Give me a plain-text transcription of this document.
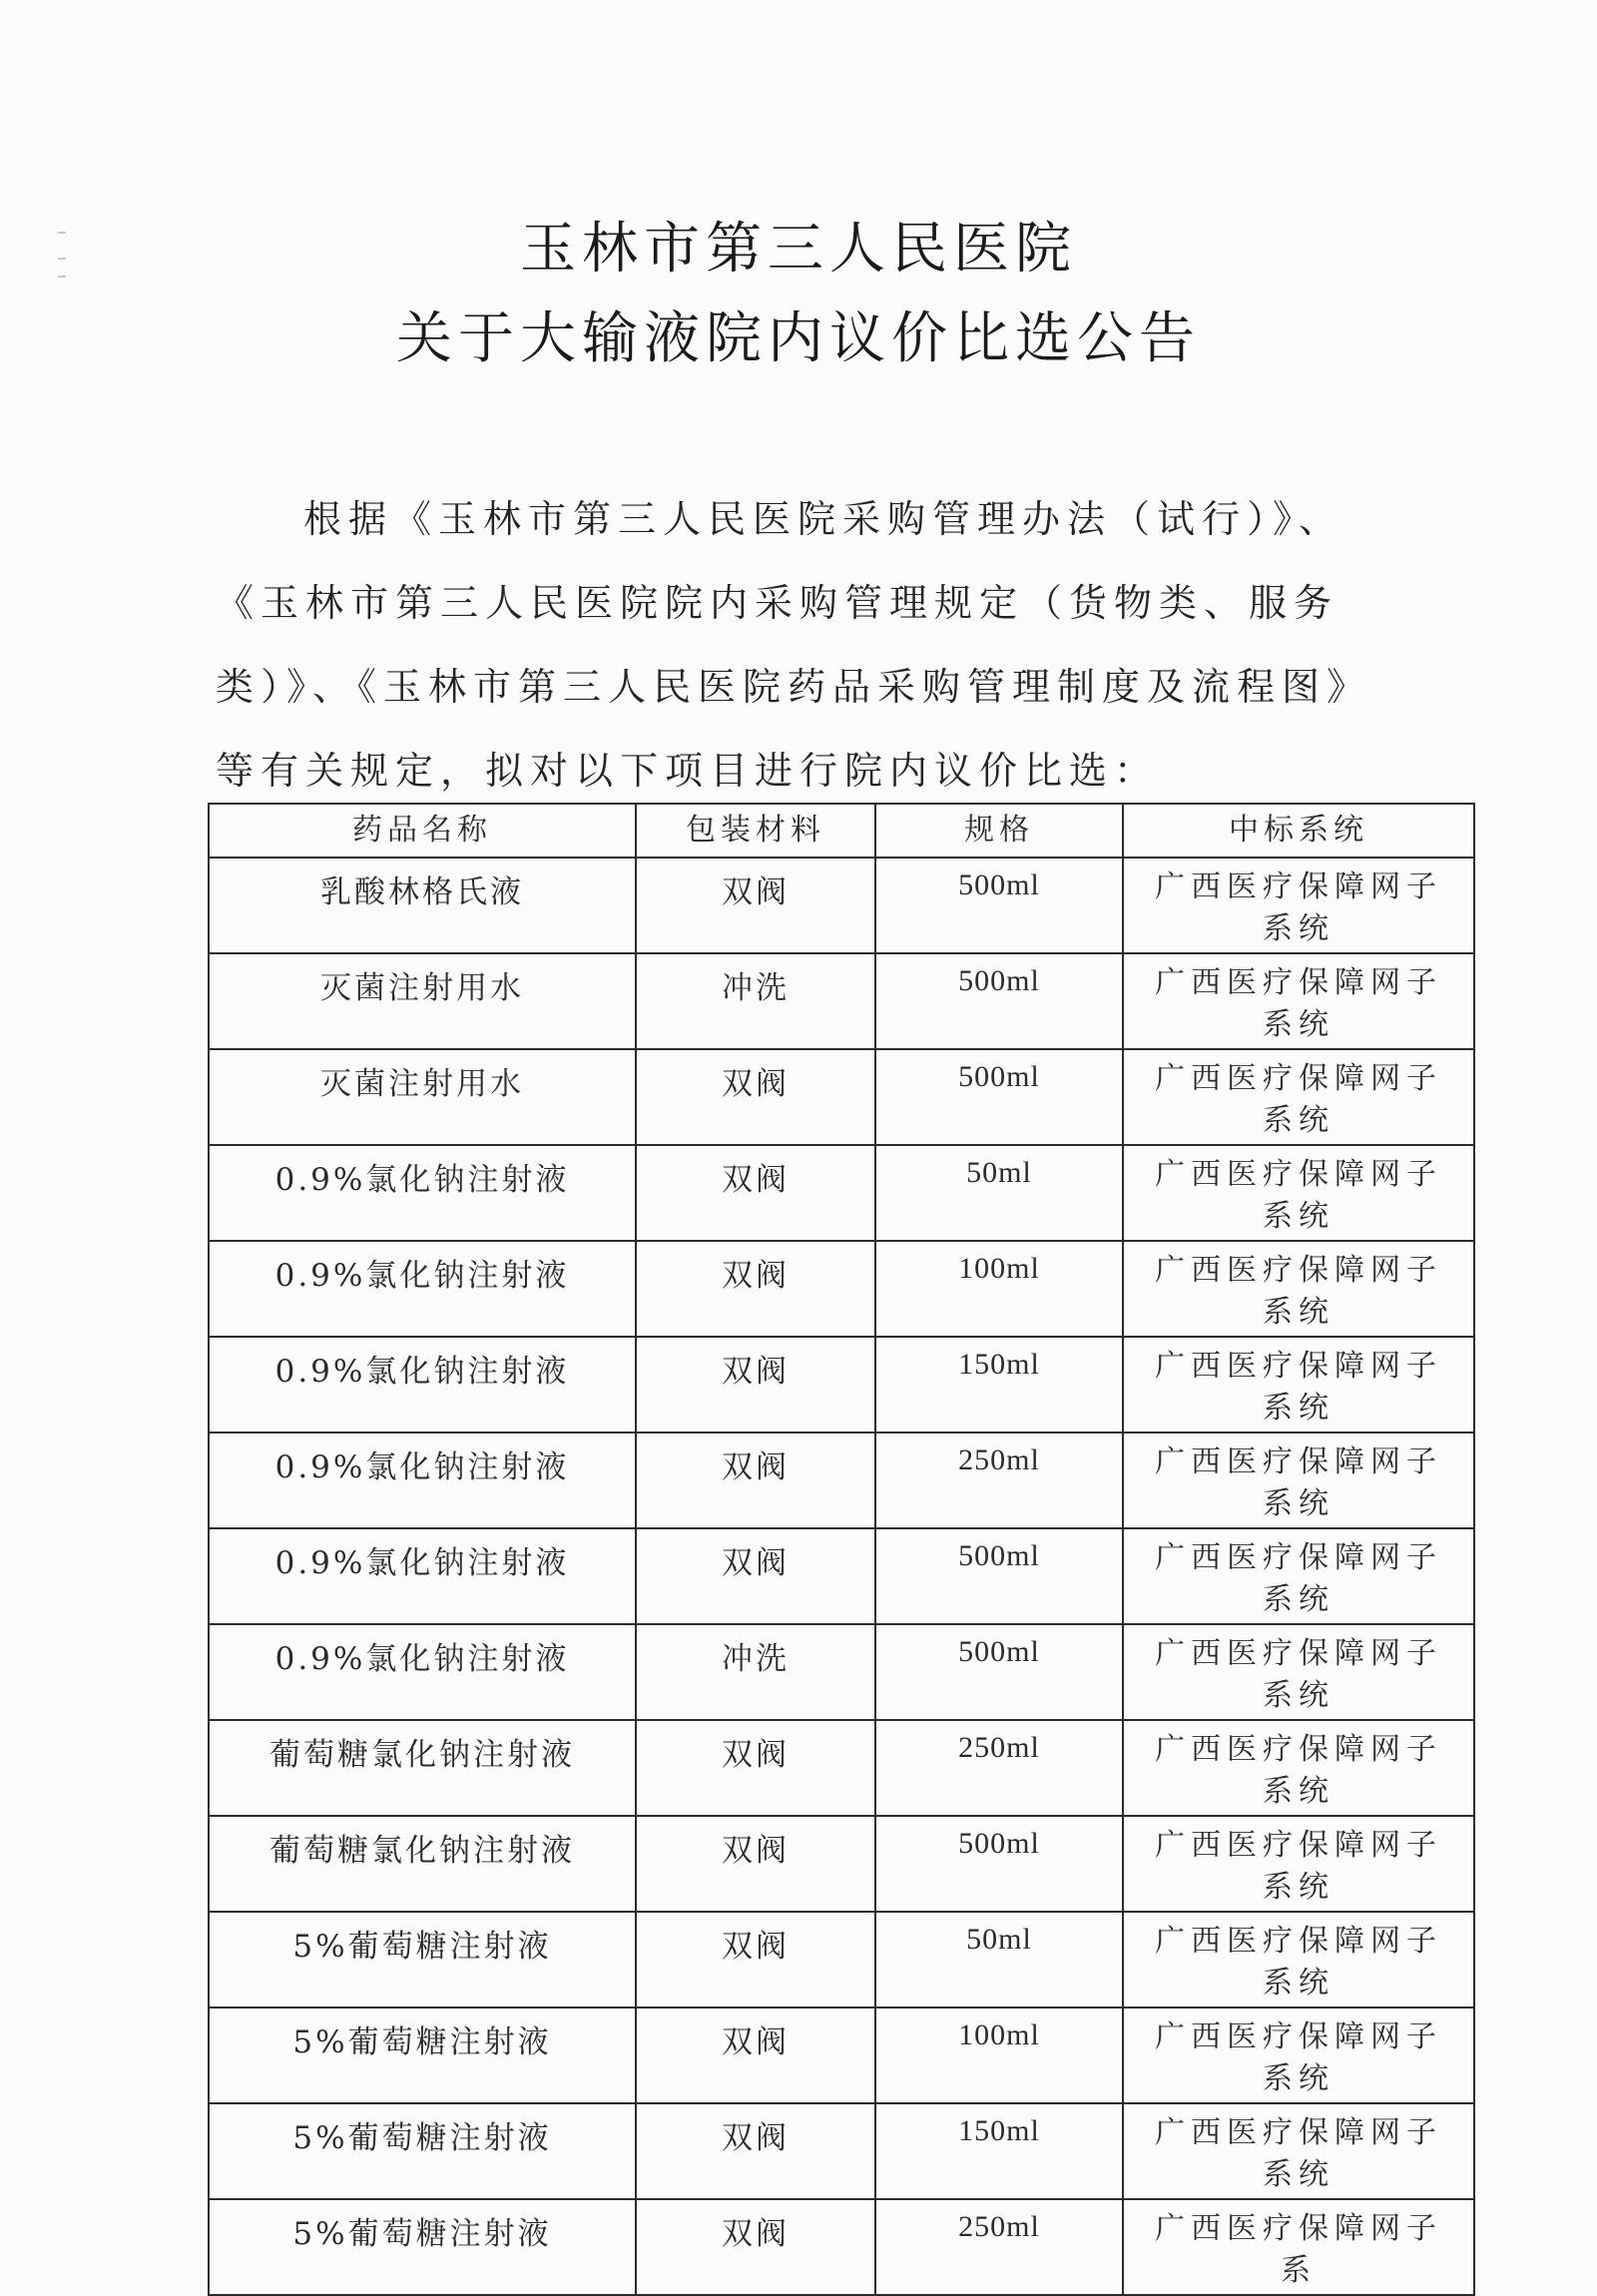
玉林市第三人民医院
关于大输液院内议价比选公告

根据《玉林市第三人民医院采购管理办法（试行）》、《玉林市第三人民医院院内采购管理规定（货物类、服务类）》、《玉林市第三人民医院药品采购管理制度及流程图》等有关规定，拟对以下项目进行院内议价比选：

药品名称	包装材料	规格	中标系统
乳酸林格氏液	双阀	500ml	广西医疗保障网子系统
灭菌注射用水	冲洗	500ml	广西医疗保障网子系统
灭菌注射用水	双阀	500ml	广西医疗保障网子系统
0.9%氯化钠注射液	双阀	50ml	广西医疗保障网子系统
0.9%氯化钠注射液	双阀	100ml	广西医疗保障网子系统
0.9%氯化钠注射液	双阀	150ml	广西医疗保障网子系统
0.9%氯化钠注射液	双阀	250ml	广西医疗保障网子系统
0.9%氯化钠注射液	双阀	500ml	广西医疗保障网子系统
0.9%氯化钠注射液	冲洗	500ml	广西医疗保障网子系统
葡萄糖氯化钠注射液	双阀	250ml	广西医疗保障网子系统
葡萄糖氯化钠注射液	双阀	500ml	广西医疗保障网子系统
5%葡萄糖注射液	双阀	50ml	广西医疗保障网子系统
5%葡萄糖注射液	双阀	100ml	广西医疗保障网子系统
5%葡萄糖注射液	双阀	150ml	广西医疗保障网子系统
5%葡萄糖注射液	双阀	250ml	广西医疗保障网子系
